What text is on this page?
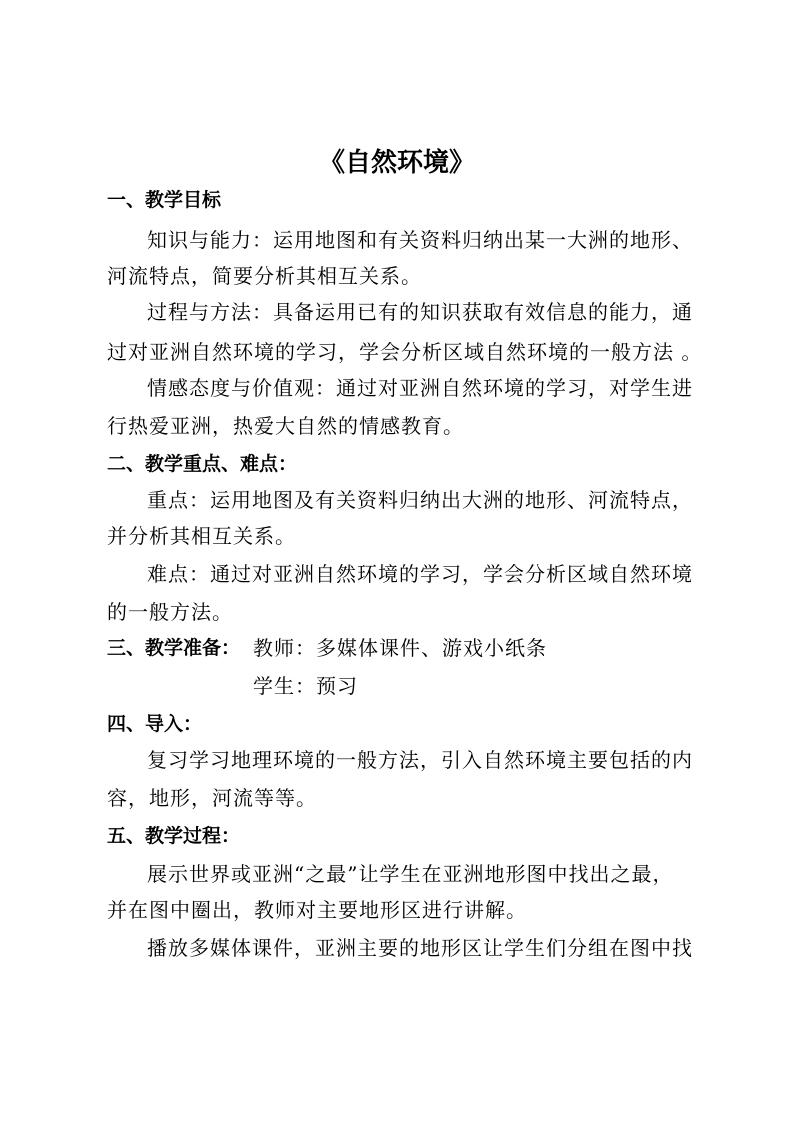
《自然环境》
一、教学目标
知识与能力：运用地图和有关资料归纳出某一大洲的地形、
河流特点，简要分析其相互关系。
过程与方法：具备运用已有的知识获取有效信息的能力，通
过对亚洲自然环境的学习，学会分析区域自然环境的一般方法 。
情感态度与价值观：通过对亚洲自然环境的学习，对学生进
行热爱亚洲，热爱大自然的情感教育。
二、教学重点、难点：
重点：运用地图及有关资料归纳出大洲的地形、河流特点，
并分析其相互关系。
难点：通过对亚洲自然环境的学习，学会分析区域自然环境
的一般方法。
三、教学准备： 教师：多媒体课件、游戏小纸条
学生：预习
四、导入：
复习学习地理环境的一般方法，引入自然环境主要包括的内
容，地形，河流等等。
五、教学过程：
展示世界或亚洲“之最”让学生在亚洲地形图中找出之最，
并在图中圈出，教师对主要地形区进行讲解。
播放多媒体课件，亚洲主要的地形区让学生们分组在图中找
